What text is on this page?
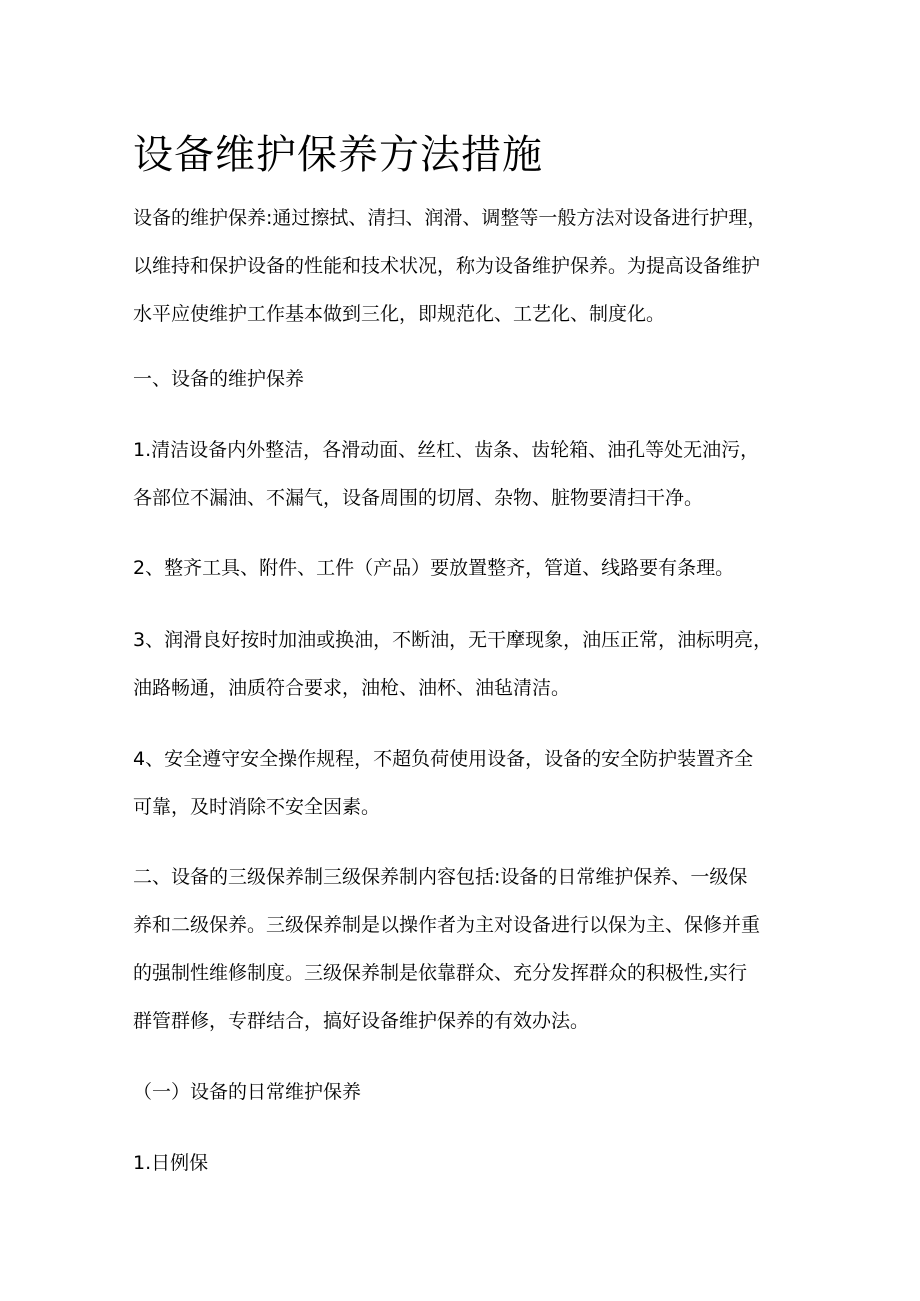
设备维护保养方法措施

设备的维护保养:通过擦拭、清扫、润滑、调整等一般方法对设备进行护理，
以维持和保护设备的性能和技术状况，称为设备维护保养。为提高设备维护
水平应使维护工作基本做到三化，即规范化、工艺化、制度化。

一、设备的维护保养

1.清洁设备内外整洁，各滑动面、丝杠、齿条、齿轮箱、油孔等处无油污，
各部位不漏油、不漏气，设备周围的切屑、杂物、脏物要清扫干净。

2、整齐工具、附件、工件（产品）要放置整齐，管道、线路要有条理。

3、润滑良好按时加油或换油，不断油，无干摩现象，油压正常，油标明亮，
油路畅通，油质符合要求，油枪、油杯、油毡清洁。

4、安全遵守安全操作规程，不超负荷使用设备，设备的安全防护装置齐全
可靠，及时消除不安全因素。

二、设备的三级保养制三级保养制内容包括:设备的日常维护保养、一级保
养和二级保养。三级保养制是以操作者为主对设备进行以保为主、保修并重
的强制性维修制度。三级保养制是依靠群众、充分发挥群众的积极性,实行
群管群修，专群结合，搞好设备维护保养的有效办法。

（一）设备的日常维护保养

1.日例保
